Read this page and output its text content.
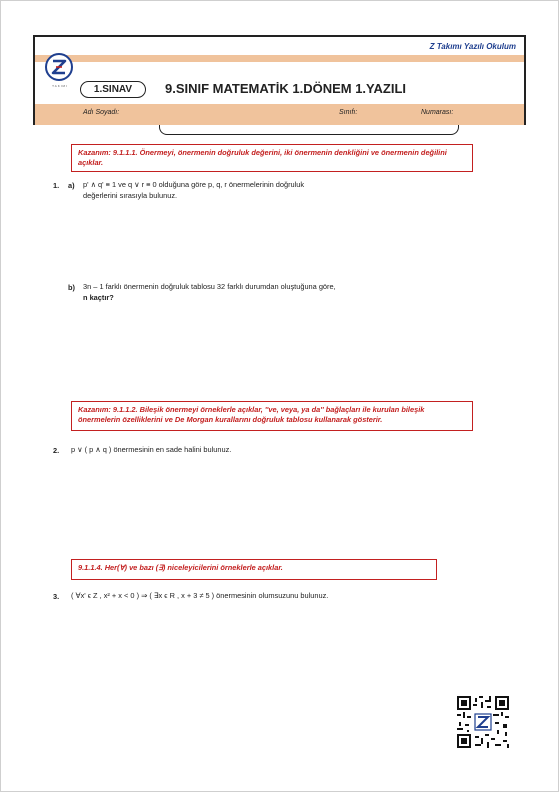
Z Takımı Yazılı Okulum
TAKIMI	1.SINAV	9.SINIF MATEMATİK 1.DÖNEM 1.YAZILI
Adı Soyadı:	Sınıfı:	Numarası:
Kazanım: 9.1.1.1. Önermeyi, önermenin doğruluk değerini, iki önermenin denkliğini ve önermenin değilini açıklar.
1. a) p' ∧ q' ≡ 1 ve q ∨ r ≡ 0 olduğuna göre p, q, r önermelerinin doğruluk
değerlerini sırasıyla bulunuz.
b) 3n – 1 farklı önermenin doğruluk tablosu 32 farklı durumdan oluştuğuna göre,
n kaçtır?
Kazanım: 9.1.1.2. Bileşik önermeyi örneklerle açıklar, ''ve, veya, ya da'' bağlaçları ile kurulan bileşik önermelerin özelliklerini ve De Morgan kurallarını doğruluk tablosu kullanarak gösterir.
2. p ∨ ( p ∧ q ) önermesinin en sade halini bulunuz.
9.1.1.4. Her(∀) ve bazı (∃) niceleyicilerini örneklerle açıklar.
3. ( ∀x' ϵ Z , x² + x < 0 ) ⇒ ( ∃x ϵ R , x + 3 ≠ 5 ) önermesinin olumsuzunu bulunuz.
